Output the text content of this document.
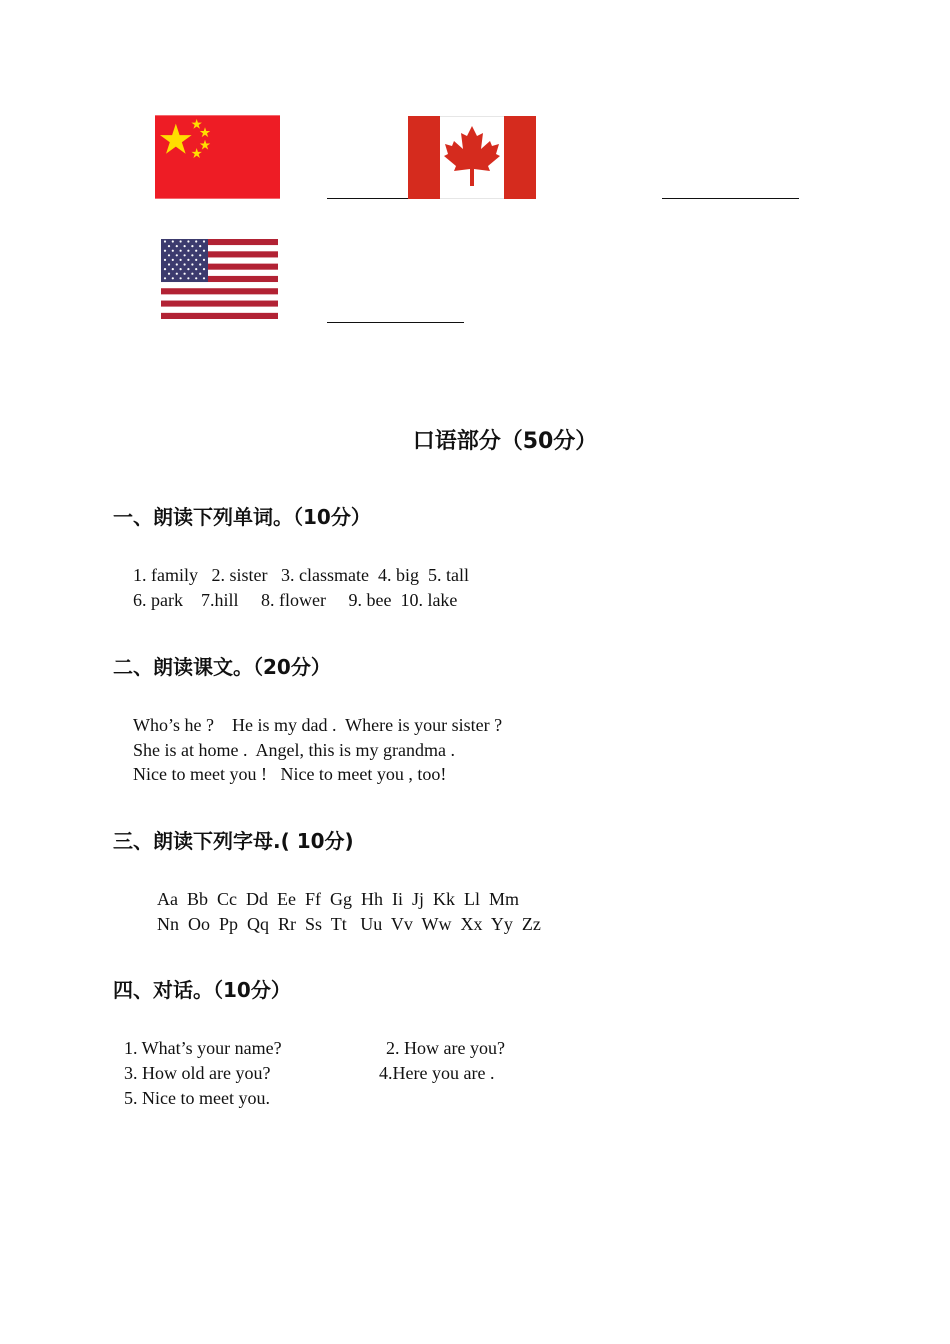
口语部分（50分）
一、朗读下列单词。（10分）
1. family   2. sister   3. classmate  4. big  5. tall
6. park    7.hill     8. flower     9. bee  10. lake
二、朗读课文。（20分）
Who’s he ?    He is my dad .  Where is your sister ?
She is at home .  Angel, this is my grandma .
Nice to meet you !   Nice to meet you , too!
三、朗读下列字母.( 10分)
Aa  Bb  Cc  Dd  Ee  Ff  Gg  Hh  Ii  Jj  Kk  Ll  Mm
Nn  Oo  Pp  Qq  Rr  Ss  Tt   Uu  Vv  Ww  Xx  Yy  Zz
四、对话。（10分）
1. What’s your name?	2. How are you?
3. How old are you?	4.Here you are .
5. Nice to meet you.
